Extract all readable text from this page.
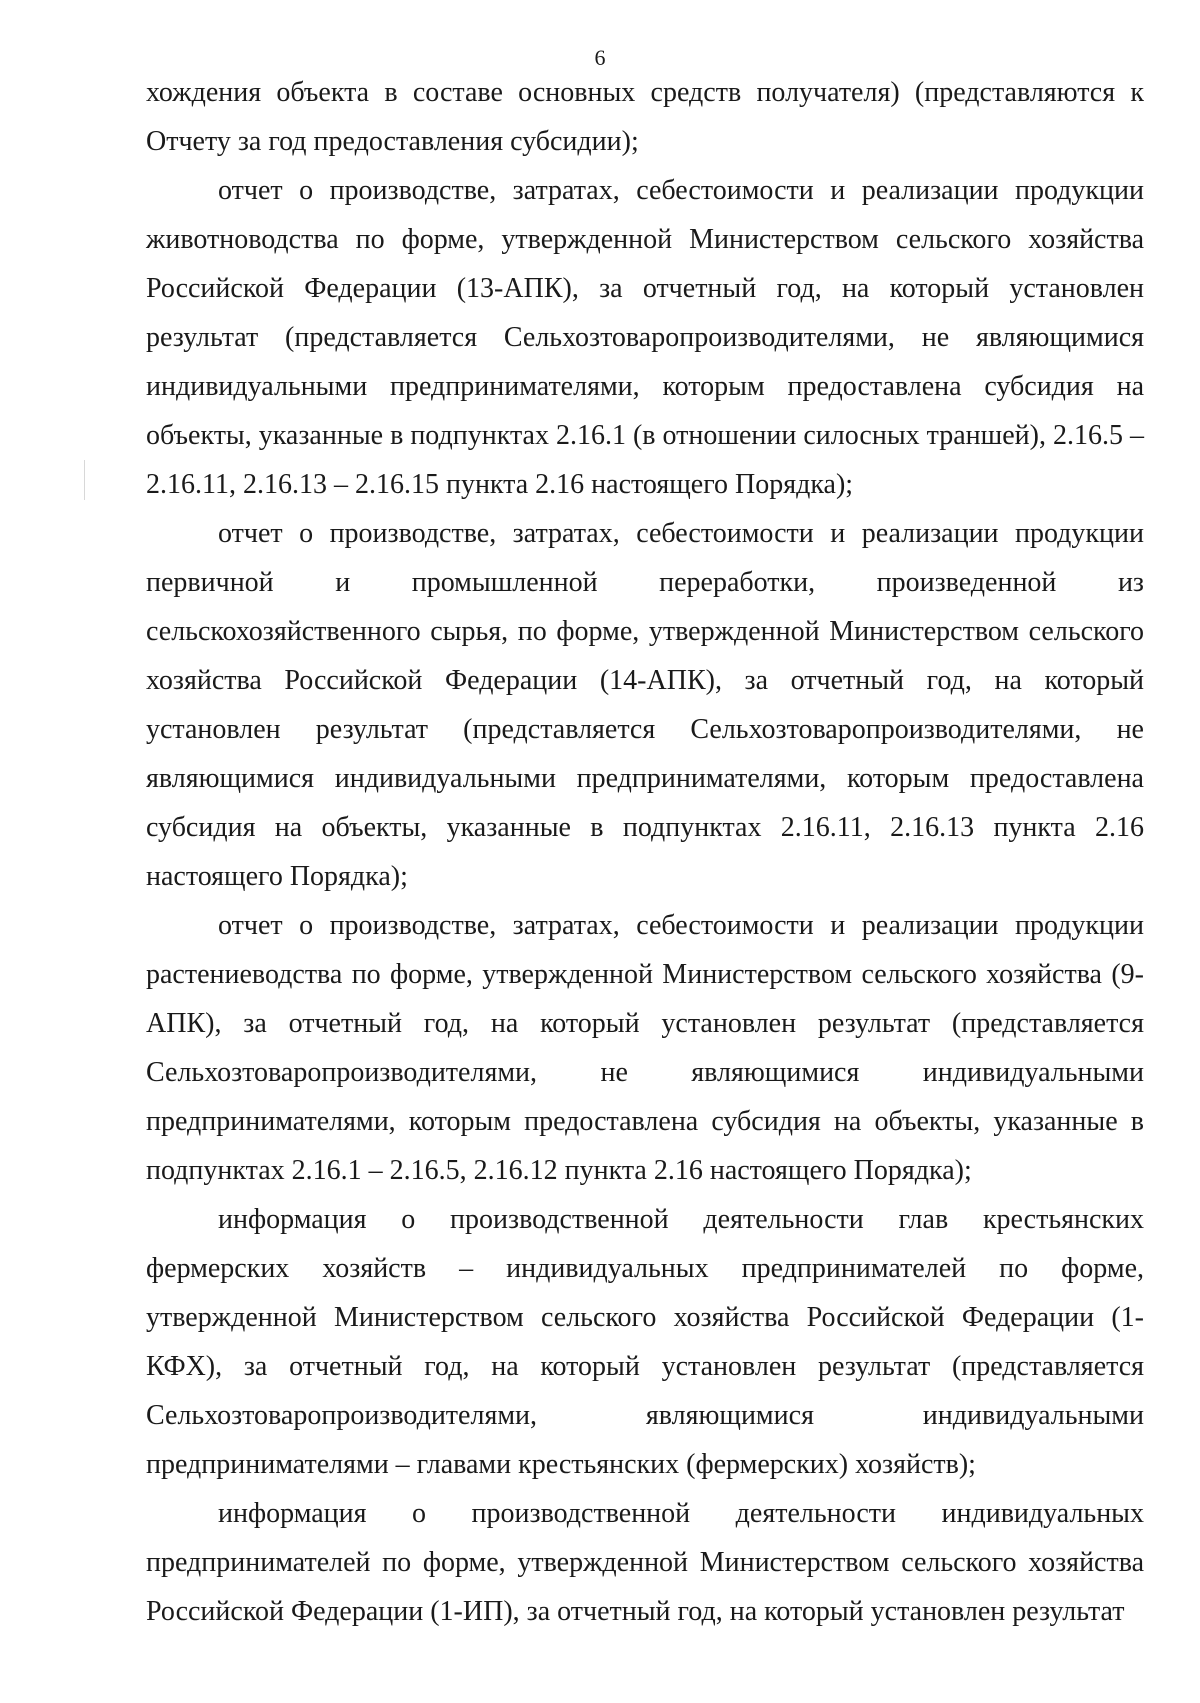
6

хождения объекта в составе основных средств получателя) (представляются к Отчету за год предоставления субсидии);

отчет о производстве, затратах, себестоимости и реализации продукции животноводства по форме, утвержденной Министерством сельского хозяйства Российской Федерации (13-АПК), за отчетный год, на который установлен результат (представляется Сельхозтоваропроизводителями, не являющимися индивидуальными предпринимателями, которым предоставлена субсидия на объекты, указанные в подпунктах 2.16.1 (в отношении силосных траншей), 2.16.5 – 2.16.11, 2.16.13 – 2.16.15 пункта 2.16 настоящего Порядка);

отчет о производстве, затратах, себестоимости и реализации продукции первичной и промышленной переработки, произведенной из сельскохозяйственного сырья, по форме, утвержденной Министерством сельского хозяйства Российской Федерации (14-АПК), за отчетный год, на который установлен результат (представляется Сельхозтоваропроизводителями, не являющимися индивидуальными предпринимателями, которым предоставлена субсидия на объекты, указанные в подпунктах 2.16.11, 2.16.13 пункта 2.16 настоящего Порядка);

отчет о производстве, затратах, себестоимости и реализации продукции растениеводства по форме, утвержденной Министерством сельского хозяйства (9-АПК), за отчетный год, на который установлен результат (представляется Сельхозтоваропроизводителями, не являющимися индивидуальными предпринимателями, которым предоставлена субсидия на объекты, указанные в подпунктах 2.16.1 – 2.16.5, 2.16.12 пункта 2.16 настоящего Порядка);

информация о производственной деятельности глав крестьянских фермерских хозяйств – индивидуальных предпринимателей по форме, утвержденной Министерством сельского хозяйства Российской Федерации (1-КФХ), за отчетный год, на который установлен результат (представляется Сельхозтоваропроизводителями, являющимися индивидуальными предпринимателями – главами крестьянских (фермерских) хозяйств);

информация о производственной деятельности индивидуальных предпринимателей по форме, утвержденной Министерством сельского хозяйства Российской Федерации (1-ИП), за отчетный год, на который установлен результат
